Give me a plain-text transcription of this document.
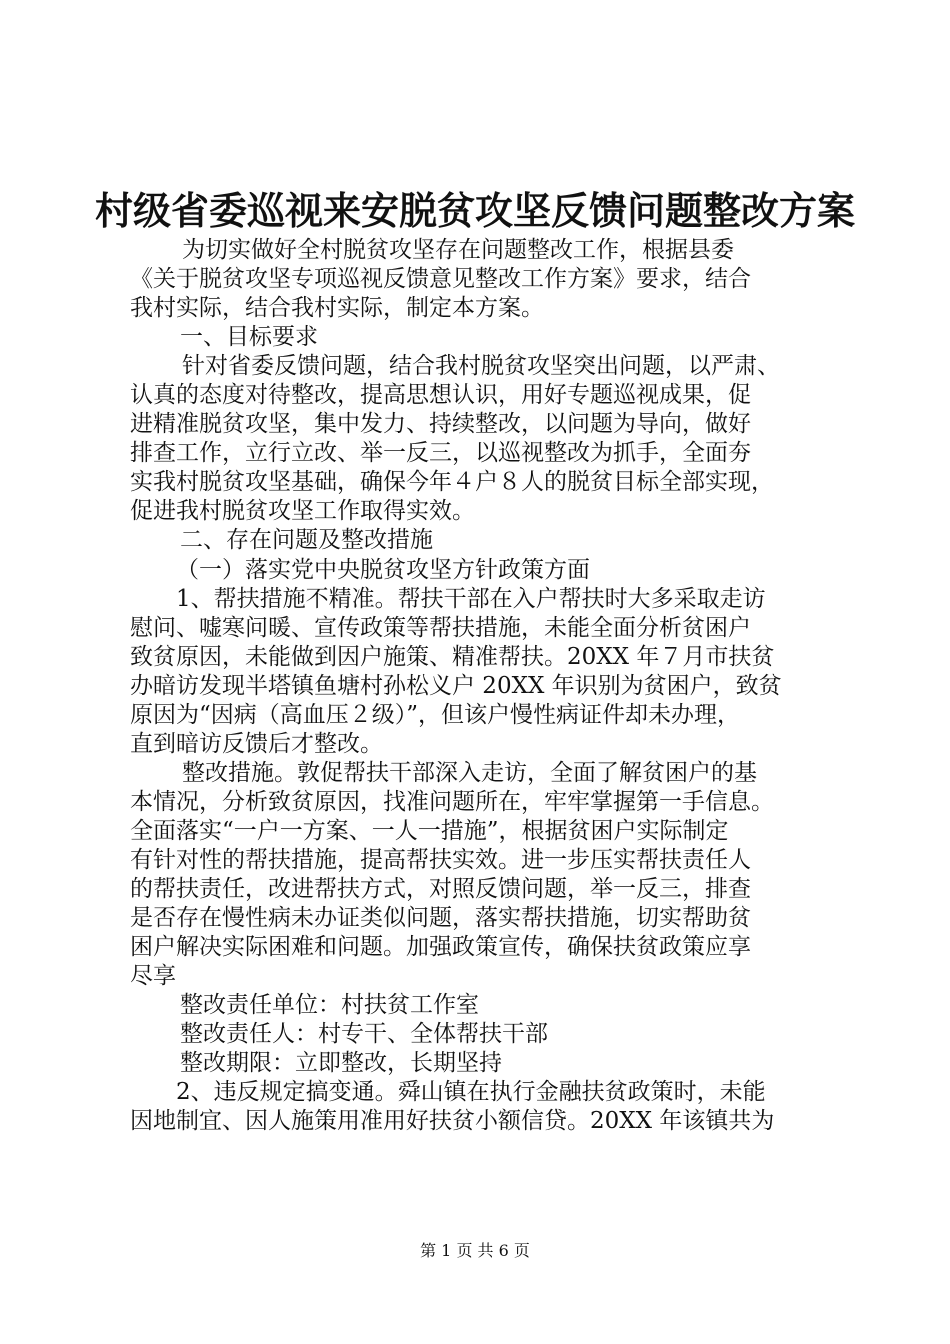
村级省委巡视来安脱贫攻坚反馈问题整改方案
为切实做好全村脱贫攻坚存在问题整改工作，根据县委
《关于脱贫攻坚专项巡视反馈意见整改工作方案》要求，结合
我村实际，结合我村实际，制定本方案。
一、目标要求
针对省委反馈问题，结合我村脱贫攻坚突出问题，以严肃、
认真的态度对待整改，提高思想认识，用好专题巡视成果，促
进精准脱贫攻坚，集中发力、持续整改，以问题为导向，做好
排查工作，立行立改、举一反三，以巡视整改为抓手，全面夯
实我村脱贫攻坚基础，确保今年４户８人的脱贫目标全部实现，
促进我村脱贫攻坚工作取得实效。
二、存在问题及整改措施
（一）落实党中央脱贫攻坚方针政策方面
1、帮扶措施不精准。帮扶干部在入户帮扶时大多采取走访
慰问、嘘寒问暖、宣传政策等帮扶措施，未能全面分析贫困户
致贫原因，未能做到因户施策、精准帮扶。20XX 年７月市扶贫
办暗访发现半塔镇鱼塘村孙松义户 20XX 年识别为贫困户，致贫
原因为“因病（高血压２级）”，但该户慢性病证件却未办理，
直到暗访反馈后才整改。
整改措施。敦促帮扶干部深入走访，全面了解贫困户的基
本情况，分析致贫原因，找准问题所在，牢牢掌握第一手信息。
全面落实“一户一方案、一人一措施”，根据贫困户实际制定
有针对性的帮扶措施，提高帮扶实效。进一步压实帮扶责任人
的帮扶责任，改进帮扶方式，对照反馈问题，举一反三，排查
是否存在慢性病未办证类似问题，落实帮扶措施，切实帮助贫
困户解决实际困难和问题。加强政策宣传，确保扶贫政策应享
尽享
整改责任单位：村扶贫工作室
整改责任人：村专干、全体帮扶干部
整改期限：立即整改，长期坚持
2、违反规定搞变通。舜山镇在执行金融扶贫政策时，未能
因地制宜、因人施策用准用好扶贫小额信贷。20XX 年该镇共为
第 1 页 共 6 页
